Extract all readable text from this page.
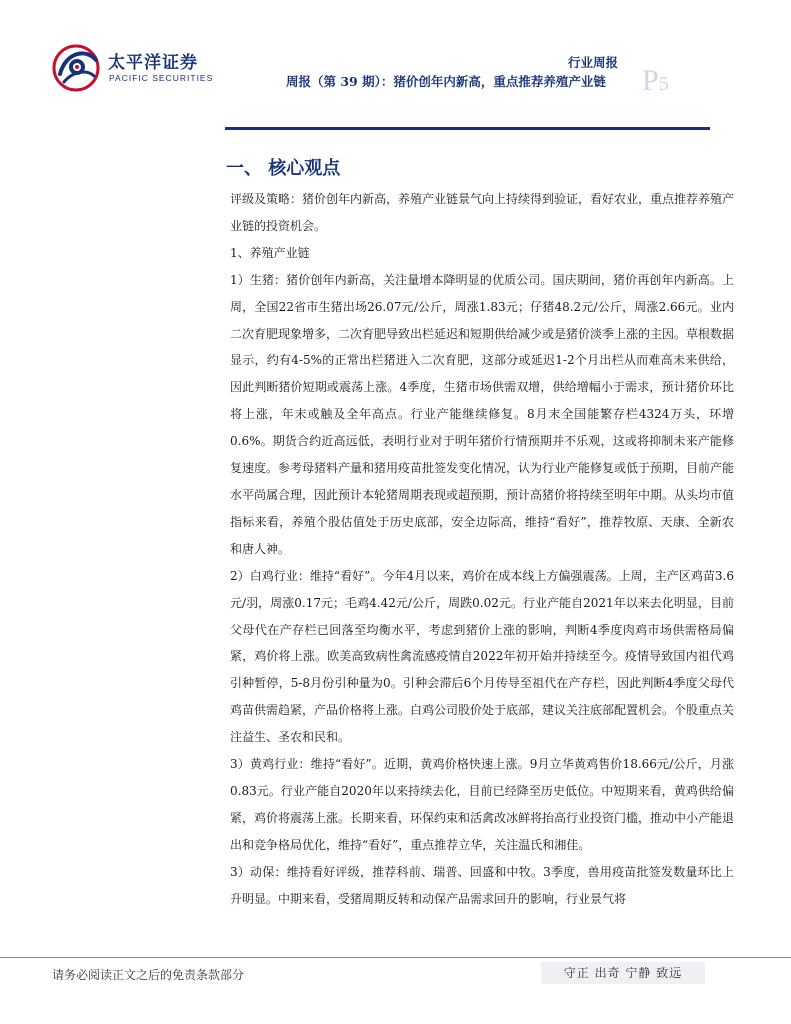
太平洋证券
PACIFIC SECURITIES
行业周报
周报（第 39 期）：猪价创年内新高，重点推荐养殖产业链 P5
一、 核心观点

评级及策略：猪价创年内新高，养殖产业链景气向上持续得到验证，看好农业，重点推荐养殖产业链的投资机会。

1、养殖产业链

1）生猪：猪价创年内新高，关注量增本降明显的优质公司。国庆期间，猪价再创年内新高。上周，全国22省市生猪出场26.07元/公斤，周涨1.83元；仔猪48.2元/公斤，周涨2.66元。业内二次育肥现象增多，二次育肥导致出栏延迟和短期供给减少或是猪价淡季上涨的主因。草根数据显示，约有4-5%的正常出栏猪进入二次育肥，这部分或延迟1-2个月出栏从而难高未来供给，因此判断猪价短期或震荡上涨。4季度，生猪市场供需双增，供给增幅小于需求，预计猪价环比将上涨，年末或触及全年高点。行业产能继续修复。8月末全国能繁存栏4324万头，环增0.6%。期货合约近高远低，表明行业对于明年猪价行情预期并不乐观，这或将抑制未来产能修复速度。参考母猪料产量和猪用疫苗批签发变化情况，认为行业产能修复或低于预期，目前产能水平尚属合理，因此预计本轮猪周期表现或超预期，预计高猪价将持续至明年中期。从头均市值指标来看，养殖个股估值处于历史底部，安全边际高，维持“看好”，推荐牧原、天康、全新农和唐人神。

2）白鸡行业：维持“看好”。今年4月以来，鸡价在成本线上方偏强震荡。上周，主产区鸡苗3.6元/羽，周涨0.17元；毛鸡4.42元/公斤，周跌0.02元。行业产能自2021年以来去化明显，目前父母代在产存栏已回落至均衡水平，考虑到猪价上涨的影响，判断4季度肉鸡市场供需格局偏紧，鸡价将上涨。欧美高致病性禽流感疫情自2022年初开始并持续至今。疫情导致国内祖代鸡引种暂停，5-8月份引种量为0。引种会滞后6个月传导至祖代在产存栏，因此判断4季度父母代鸡苗供需趋紧，产品价格将上涨。白鸡公司股价处于底部，建议关注底部配置机会。个股重点关注益生、圣农和民和。

3）黄鸡行业：维持“看好”。近期，黄鸡价格快速上涨。9月立华黄鸡售价18.66元/公斤，月涨0.83元。行业产能自2020年以来持续去化，目前已经降至历史低位。中短期来看，黄鸡供给偏紧，鸡价将震荡上涨。长期来看，环保约束和活禽改冰鲜将抬高行业投资门槛，推动中小产能退出和竞争格局优化，维持“看好”，重点推荐立华，关注温氏和湘佳。

3）动保：维持看好评级，推荐科前、瑞普、回盛和中牧。3季度，兽用疫苗批签发数量环比上升明显。中期来看，受猪周期反转和动保产品需求回升的影响，行业景气将

请务必阅读正文之后的免责条款部分	守正 出奇 宁静 致远
